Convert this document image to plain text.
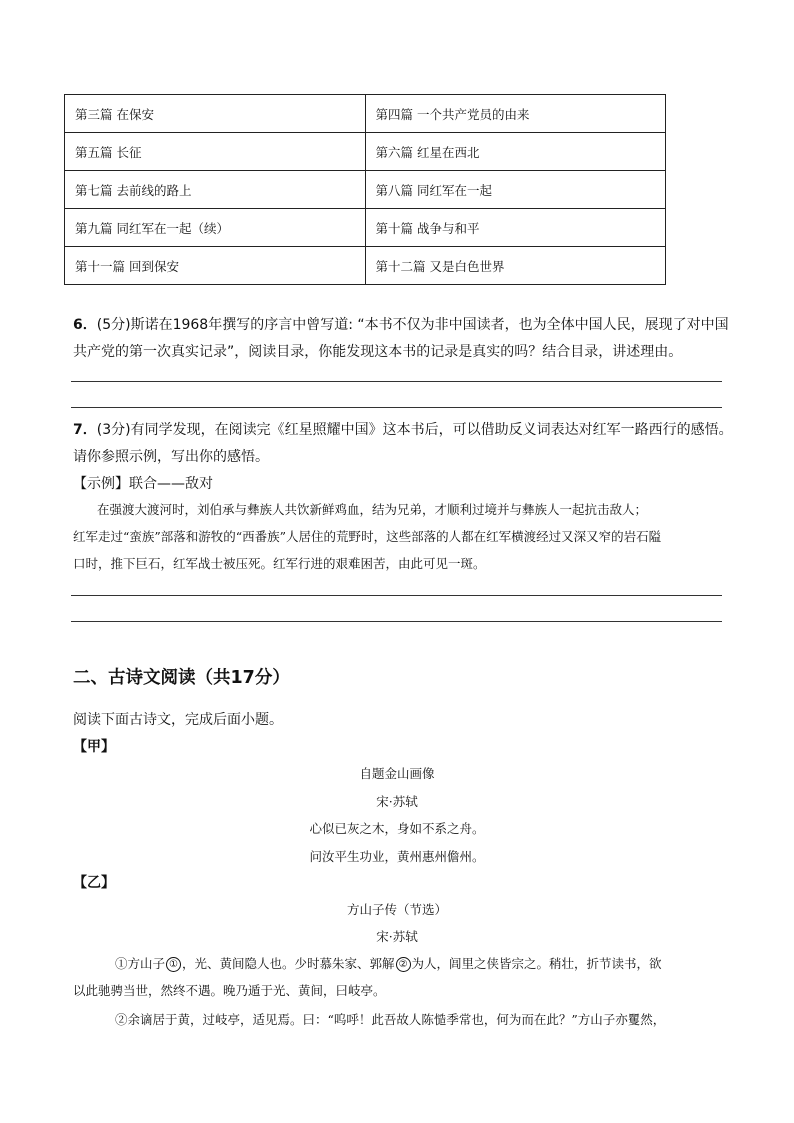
第三篇 在保安	第四篇 一个共产党员的由来
第五篇 长征	第六篇 红星在西北
第七篇 去前线的路上	第八篇 同红军在一起
第九篇 同红军在一起（续）	第十篇 战争与和平
第十一篇 回到保安	第十二篇 又是白色世界
6．(5分)斯诺在1968年撰写的序言中曾写道: “本书不仅为非中国读者，也为全体中国人民，展现了对中国
共产党的第一次真实记录”，阅读目录，你能发现这本书的记录是真实的吗？结合目录，讲述理由。
7．(3分)有同学发现，在阅读完《红星照耀中国》这本书后，可以借助反义词表达对红军一路西行的感悟。
请你参照示例，写出你的感悟。
【示例】联合——敌对
在强渡大渡河时，刘伯承与彝族人共饮新鲜鸡血，结为兄弟，才顺利过境并与彝族人一起抗击敌人；
红军走过“蛮族”部落和游牧的“西番族”人居住的荒野时，这些部落的人都在红军横渡经过又深又窄的岩石隘
口时，推下巨石，红军战士被压死。红军行进的艰难困苦，由此可见一斑。
二、古诗文阅读（共17分）
阅读下面古诗文，完成后面小题。
【甲】
自题金山画像
宋·苏轼
心似已灰之木，身如不系之舟。
问汝平生功业，黄州惠州儋州。
【乙】
方山子传（节选）
宋·苏轼
①方山子 ① ，光、黄间隐人也。少时慕朱家、郭解 ② 为人，闾里之侠皆宗之。稍壮，折节读书，欲
以此驰骋当世，然终不遇。晚乃遁于光、黄间，曰岐亭。
②余谪居于黄，过岐亭，适见焉。曰：“呜呼！此吾故人陈慥季常也，何为而在此？”方山子亦矍然，
